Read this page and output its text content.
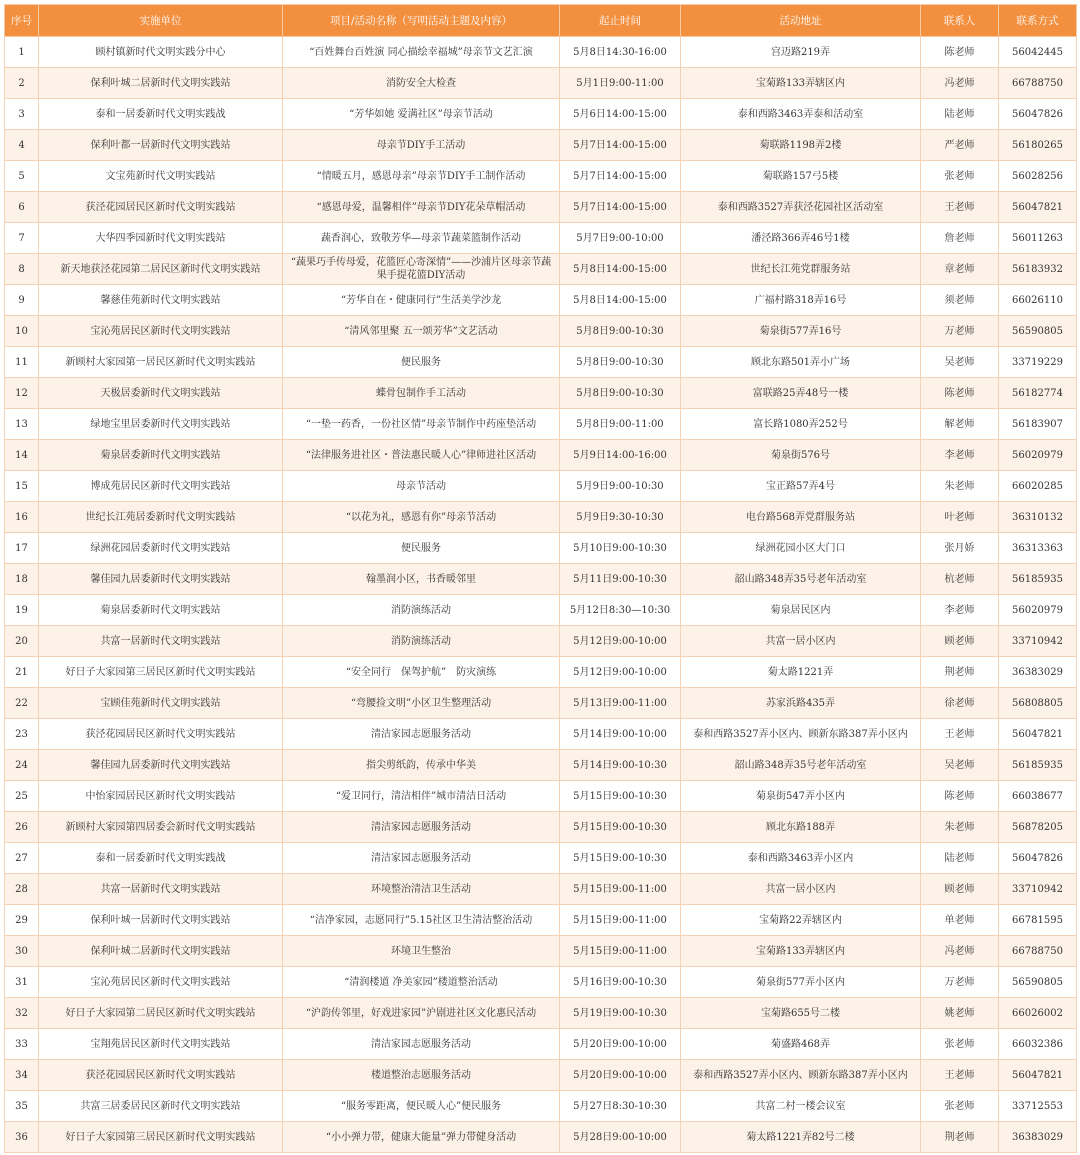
序号	实施单位	项目/活动名称（写明活动主题及内容）	起止时间	活动地址	联系人	联系方式
1	顾村镇新时代文明实践分中心	“百姓舞台百姓演 同心描绘幸福城”母亲节文艺汇演	5月8日14:30-16:00	宫迈路219弄	陈老师	56042445
2	保利叶城二居新时代文明实践站	消防安全大检查	5月1日9:00-11:00	宝菊路133弄辖区内	冯老师	66788750
3	泰和一居委新时代文明实践战	“芳华如她 爱满社区”母亲节活动	5月6日14:00-15:00	泰和西路3463弄泰和活动室	陆老师	56047826
4	保利叶都一居新时代文明实践站	母亲节DIY手工活动	5月7日14:00-15:00	菊联路1198弄2楼	严老师	56180265
5	文宝苑新时代文明实践站	“情暖五月，感恩母亲”母亲节DIY手工制作活动	5月7日14:00-15:00	菊联路157弓5楼	张老师	56028256
6	获泾花园居民区新时代文明实践站	“感恩母爱，温馨相伴”母亲节DIY花朵草帽活动	5月7日14:00-15:00	泰和西路3527弄获泾花园社区活动室	王老师	56047821
7	大华四季园新时代文明实践站	蔬香润心，致敬芳华—母亲节蔬菜篮制作活动	5月7日9:00-10:00	潘泾路366弄46号1楼	詹老师	56011263
8	新天地获泾花园第二居民区新时代文明实践站	“蔬果巧手传母爱，花篮匠心寄深情”——沙浦片区母亲节蔬果手提花篮DIY活动	5月8日14:00-15:00	世纪长江苑党群服务站	章老师	56183932
9	馨慈佳苑新时代文明实践站	“芳华自在・健康同行”生活美学沙龙	5月8日14:00-15:00	广福村路318弄16号	须老师	66026110
10	宝沁苑居民区新时代文明实践站	“清风邻里聚 五一颂芳华”文艺活动	5月8日9:00-10:30	菊泉街577弄16号	万老师	56590805
11	新顾村大家园第一居民区新时代文明实践站	便民服务	5月8日9:00-10:30	顾北东路501弄小广场	吴老师	33719229
12	天极居委新时代文明实践站	蝶骨包制作手工活动	5月8日9:00-10:30	富联路25弄48号一楼	陈老师	56182774
13	绿地宝里居委新时代文明实践站	“一垫一药香，一份社区情”母亲节制作中药座垫活动	5月8日9:00-11:00	富长路1080弄252号	解老师	56183907
14	菊泉居委新时代文明实践站	“法律服务进社区・普法惠民暖人心”律师进社区活动	5月9日14:00-16:00	菊泉街576号	李老师	56020979
15	博成苑居民区新时代文明实践站	母亲节活动	5月9日9:00-10:30	宝正路57弄4号	朱老师	66020285
16	世纪长江苑居委新时代文明实践站	“以花为礼，感恩有你”母亲节活动	5月9日9:30-10:30	电台路568弄党群服务站	叶老师	36310132
17	绿洲花园居委新时代文明实践站	便民服务	5月10日9:00-10:30	绿洲花园小区大门口	张月娇	36313363
18	馨佳园九居委新时代文明实践站	翰墨润小区，书香暖邻里	5月11日9:00-10:30	韶山路348弄35号老年活动室	杭老师	56185935
19	菊泉居委新时代文明实践站	消防演练活动	5月12日8:30—10:30	菊泉居民区内	李老师	56020979
20	共富一居新时代文明实践站	消防演练活动	5月12日9:00-10:00	共富一居小区内	顾老师	33710942
21	好日子大家园第三居民区新时代文明实践站	“安全同行　保驾护航”　防灾演练	5月12日9:00-10:00	菊太路1221弄	荆老师	36383029
22	宝顾佳苑新时代文明实践站	“弯腰捡文明”小区卫生整理活动	5月13日9:00-11:00	苏家浜路435弄	徐老师	56808805
23	获泾花园居民区新时代文明实践站	清洁家园志愿服务活动	5月14日9:00-10:00	泰和西路3527弄小区内、顾新东路387弄小区内	王老师	56047821
24	馨佳园九居委新时代文明实践站	指尖剪纸韵，传承中华美	5月14日9:00-10:30	韶山路348弄35号老年活动室	吴老师	56185935
25	中怡家园居民区新时代文明实践站	“爱卫同行，清洁相伴”城市清洁日活动	5月15日9:00-10:30	菊泉街547弄小区内	陈老师	66038677
26	新顾村大家园第四居委会新时代文明实践站	清洁家园志愿服务活动	5月15日9:00-10:30	顾北东路188弄	朱老师	56878205
27	泰和一居委新时代文明实践战	清洁家园志愿服务活动	5月15日9:00-10:30	泰和西路3463弄小区内	陆老师	56047826
28	共富一居新时代文明实践站	环境整治清洁卫生活动	5月15日9:00-11:00	共富一居小区内	顾老师	33710942
29	保利叶城一居新时代文明实践站	“洁净家园，志愿同行”5.15社区卫生清洁整治活动	5月15日9:00-11:00	宝菊路22弄辖区内	单老师	66781595
30	保利叶城二居新时代文明实践站	环境卫生整治	5月15日9:00-11:00	宝菊路133弄辖区内	冯老师	66788750
31	宝沁苑居民区新时代文明实践站	“清润楼道 净美家园”楼道整治活动	5月16日9:00-10:30	菊泉街577弄小区内	万老师	56590805
32	好日子大家园第二居民区新时代文明实践站	“沪韵传邻里，好戏进家园”沪剧进社区文化惠民活动	5月19日9:00-10:30	宝菊路655号二楼	姚老师	66026002
33	宝翔苑居民区新时代文明实践站	清洁家园志愿服务活动	5月20日9:00-10:00	菊盛路468弄	张老师	66032386
34	获泾花园居民区新时代文明实践站	楼道整治志愿服务活动	5月20日9:00-10:00	泰和西路3527弄小区内、顾新东路387弄小区内	王老师	56047821
35	共富三居委居民区新时代文明实践站	“服务零距离，便民暖人心”便民服务	5月27日8:30-10:30	共富二村一楼会议室	张老师	33712553
36	好日子大家园第三居民区新时代文明实践站	“小小弹力带，健康大能量”弹力带健身活动	5月28日9:00-10:00	菊太路1221弄82号二楼	荆老师	36383029
